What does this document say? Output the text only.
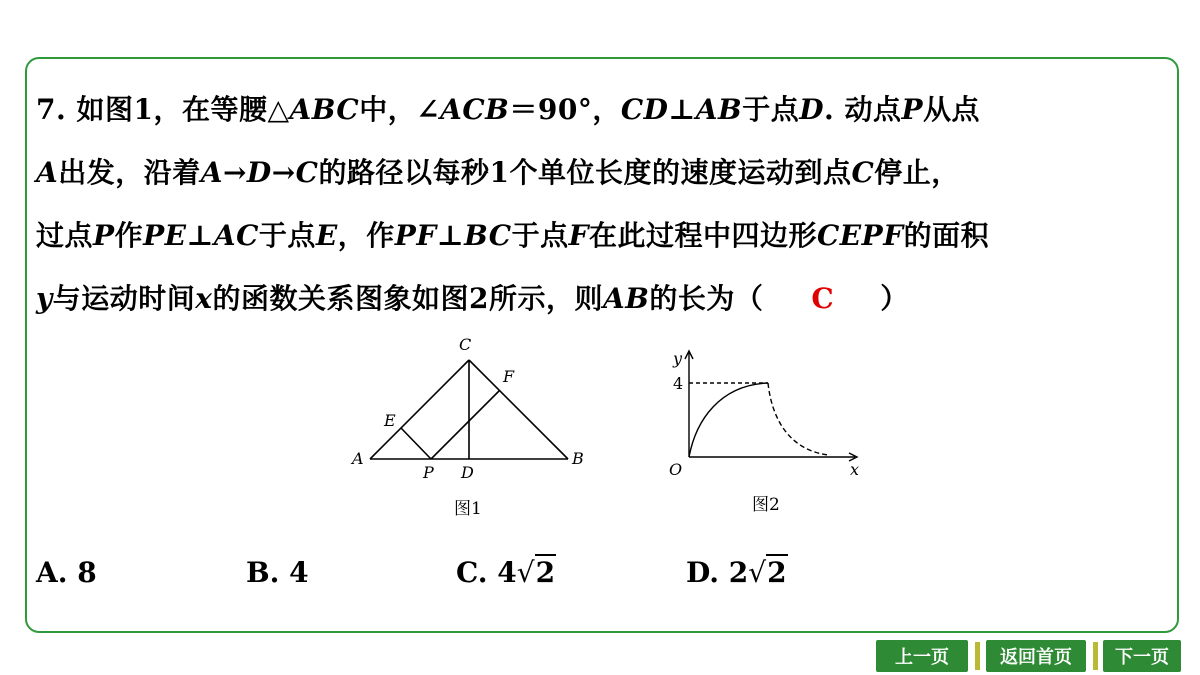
7. 如图1，在等腰△ABC中，∠ACB＝90°，CD⊥AB于点D. 动点P从点
A出发，沿着A→D→C的路径以每秒1个单位长度的速度运动到点C停止，
过点P作PE⊥AC于点E，作PF⊥BC于点F在此过程中四边形CEPF的面积
y与运动时间x的函数关系图象如图2所示，则AB的长为（ C ）
A	B
C
D
E
F
P
图1
y
x
O
4
图2
A. 8	B. 4	C. 4√2	D. 2√2
上一页	返回首页	下一页
